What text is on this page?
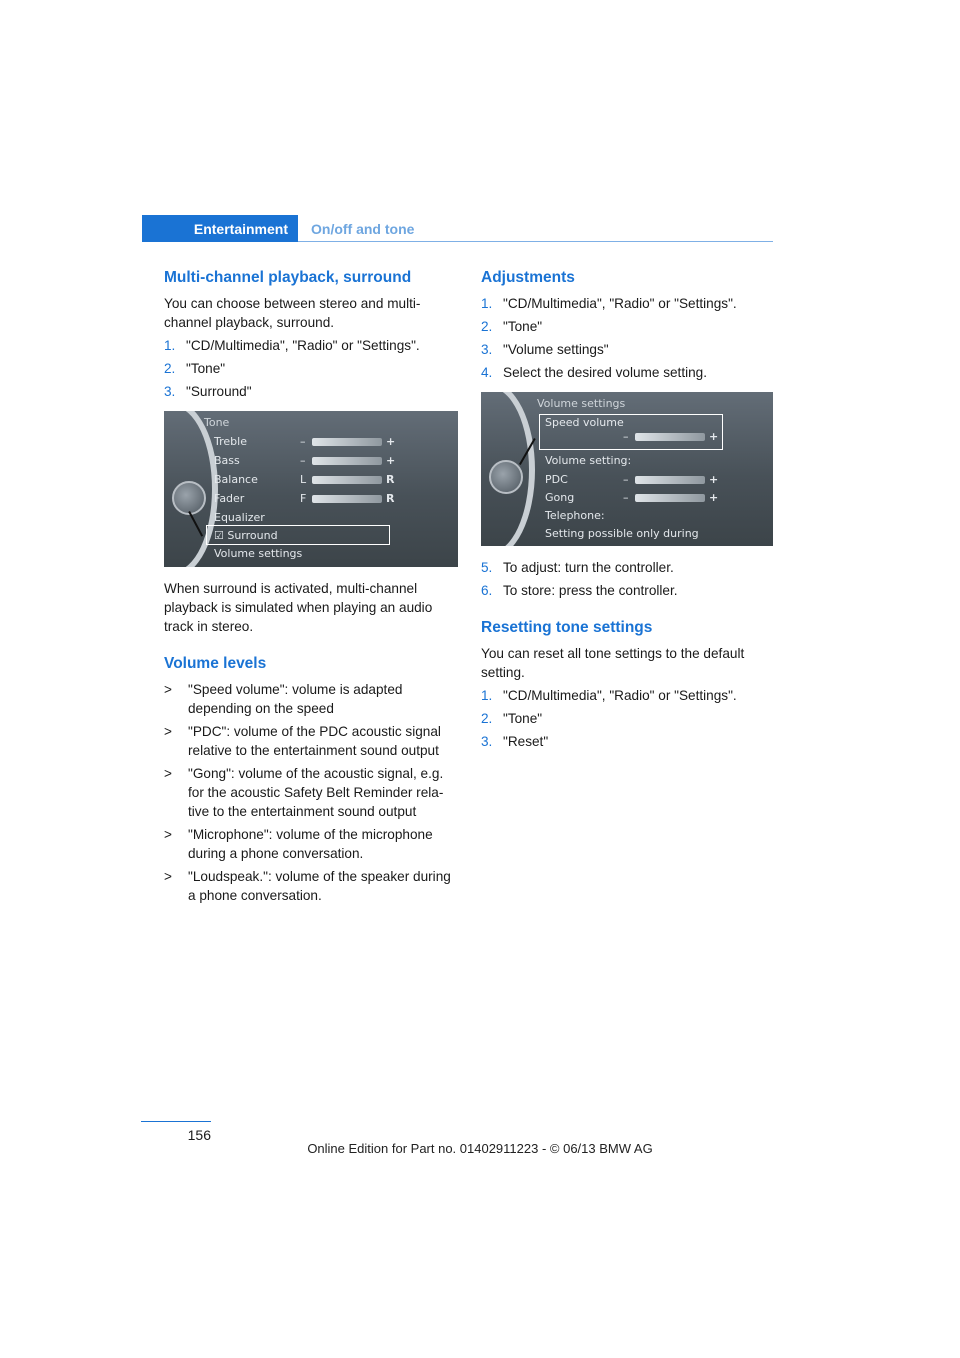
Entertainment On/off and tone
Multi-channel playback, surround

You can choose between stereo and multi-channel playback, surround.

1. "CD/Multimedia", "Radio" or "Settings".
2. "Tone"
3. "Surround"
Tone
Treble	–	+
Bass	–	+
Balance	L	R
Fader	F	R
Equalizer
☑ Surround
Volume settings

When surround is activated, multi-channel playback is simulated when playing an audio track in stereo.

Volume levels
>	"Speed volume": volume is adapted depending on the speed
>	"PDC": volume of the PDC acoustic signal relative to the entertainment sound output
>	"Gong": volume of the acoustic signal, e.g. for the acoustic Safety Belt Reminder rela-tive to the entertainment sound output
>	"Microphone": volume of the microphone during a phone conversation.
>	"Loudspeak.": volume of the speaker during a phone conversation.
Adjustments
1. "CD/Multimedia", "Radio" or "Settings".
2. "Tone"
3. "Volume settings"
4. Select the desired volume setting.
Volume settings
Speed volume
–	+
Volume setting:
PDC	–	+
Gong	–	+
Telephone:
Setting possible only during
5. To adjust: turn the controller.
6. To store: press the controller.
Resetting tone settings

You can reset all tone settings to the default setting.

1. "CD/Multimedia", "Radio" or "Settings".
2. "Tone"
3. "Reset"
156
Online Edition for Part no. 01402911223 - © 06/13 BMW AG
